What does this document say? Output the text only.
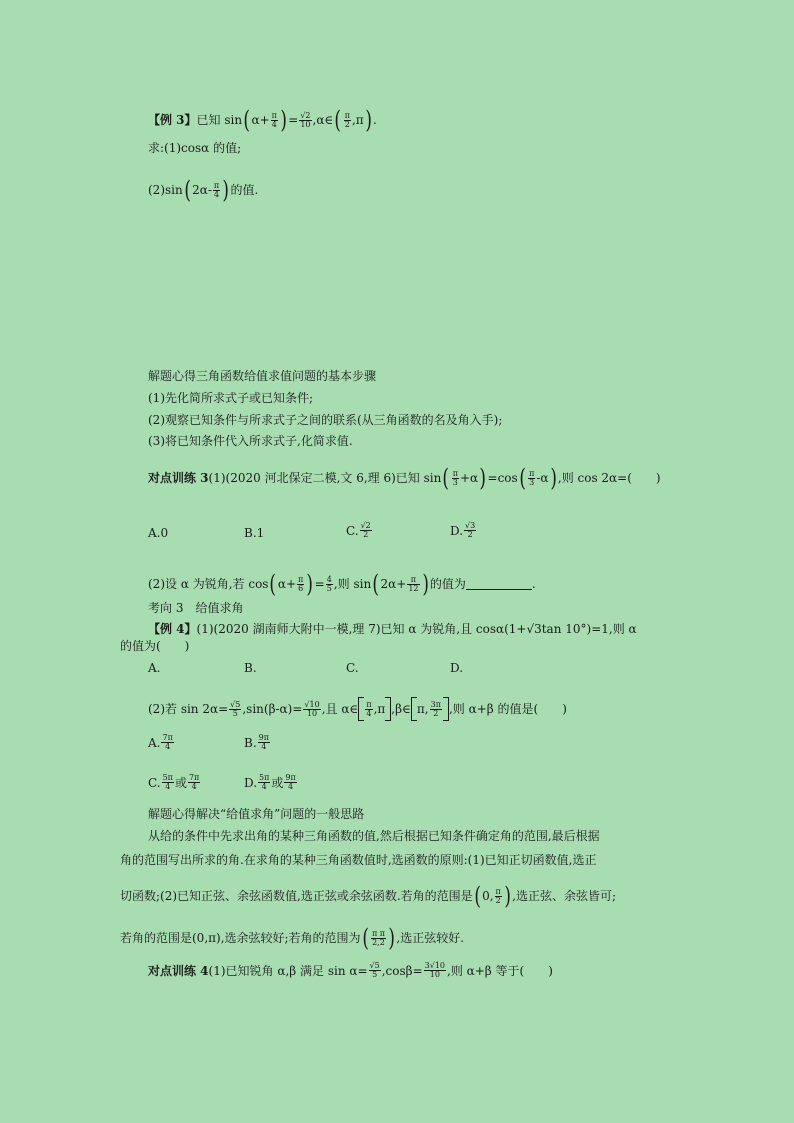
【例 3】已知 $\sin(\alpha+ \frac{\pi}{4}$ )= $\frac{√2}{10}$ ,α∈( $\frac{\pi}{2} ,\pi$).
求:(1)cosα 的值;
$(2)\sin(2\alpha- \frac{\pi}{4}$ )的值.
解题心得三角函数给值求值问题的基本步骤
(1)先化简所求式子或已知条件;
(2)观察已知条件与所求式子之间的联系(从三角函数的名及角入手);
(3)将已知条件代入所求式子,化简求值.
对点训练 3(1)(2020 河北保定二模,文 6,理 6)已知 $\sin( \frac{\pi}{3} +\alpha)=\cos( \frac{\pi}{3} -\alpha)$,则 cos 2α=(　　)
A.0	B.1	C. $\frac{√2}{2}$	D. $\frac{√3}{2}$
(2)设 α 为锐角,若 $\cos(\alpha+ \frac{\pi}{6}$ )= $\frac{4}{5}$ ,则 $\sin(2\alpha+ \frac{\pi}{12}$ )的值为	.
考向 3　给值求角
【例 4】(1)(2020 湖南师大附中一模,理 7)已知 α 为锐角,且 cosα(1+√3tan 10°)=1,则 α
的值为(　　)
A.	B.	C.	D.
(2)若 $\sin 2\alpha= \frac{√5}{5} ,\sin(\beta-\alpha)= \frac{√10}{10}$ ,且 α∈ $\frac{\pi}{4} ,\pi$ ,β∈ π, $\frac{3\pi}{2}$ ,则 α+β 的值是(　　)
A. $\frac{7\pi}{4}$	B. $\frac{9\pi}{4}$
C. $\frac{5\pi}{4}$ 或 $\frac{7\pi}{4}$	D. $\frac{5\pi}{4}$ 或 $\frac{9\pi}{4}$
解题心得解决“给值求角”问题的一般思路
从给的条件中先求出角的某种三角函数的值,然后根据已知条件确定角的范围,最后根据
角的范围写出所求的角.在求角的某种三角函数值时,选函数的原则:(1)已知正切函数值,选正
切函数;(2)已知正弦、余弦函数值,选正弦或余弦函数.若角的范围是(0, $\frac{\pi}{2}$ ),选正弦、余弦皆可;
若角的范围是(0,π),选余弦较好;若角的范围为( $\frac{\text{π π}}{2,2}$ ),选正弦较好.
对点训练 4(1)已知锐角 α,β 满足 $\sin \alpha= \frac{√5}{5} ,\cos\beta= \frac{3√10}{10}$ ,则 α+β 等于(　　)
